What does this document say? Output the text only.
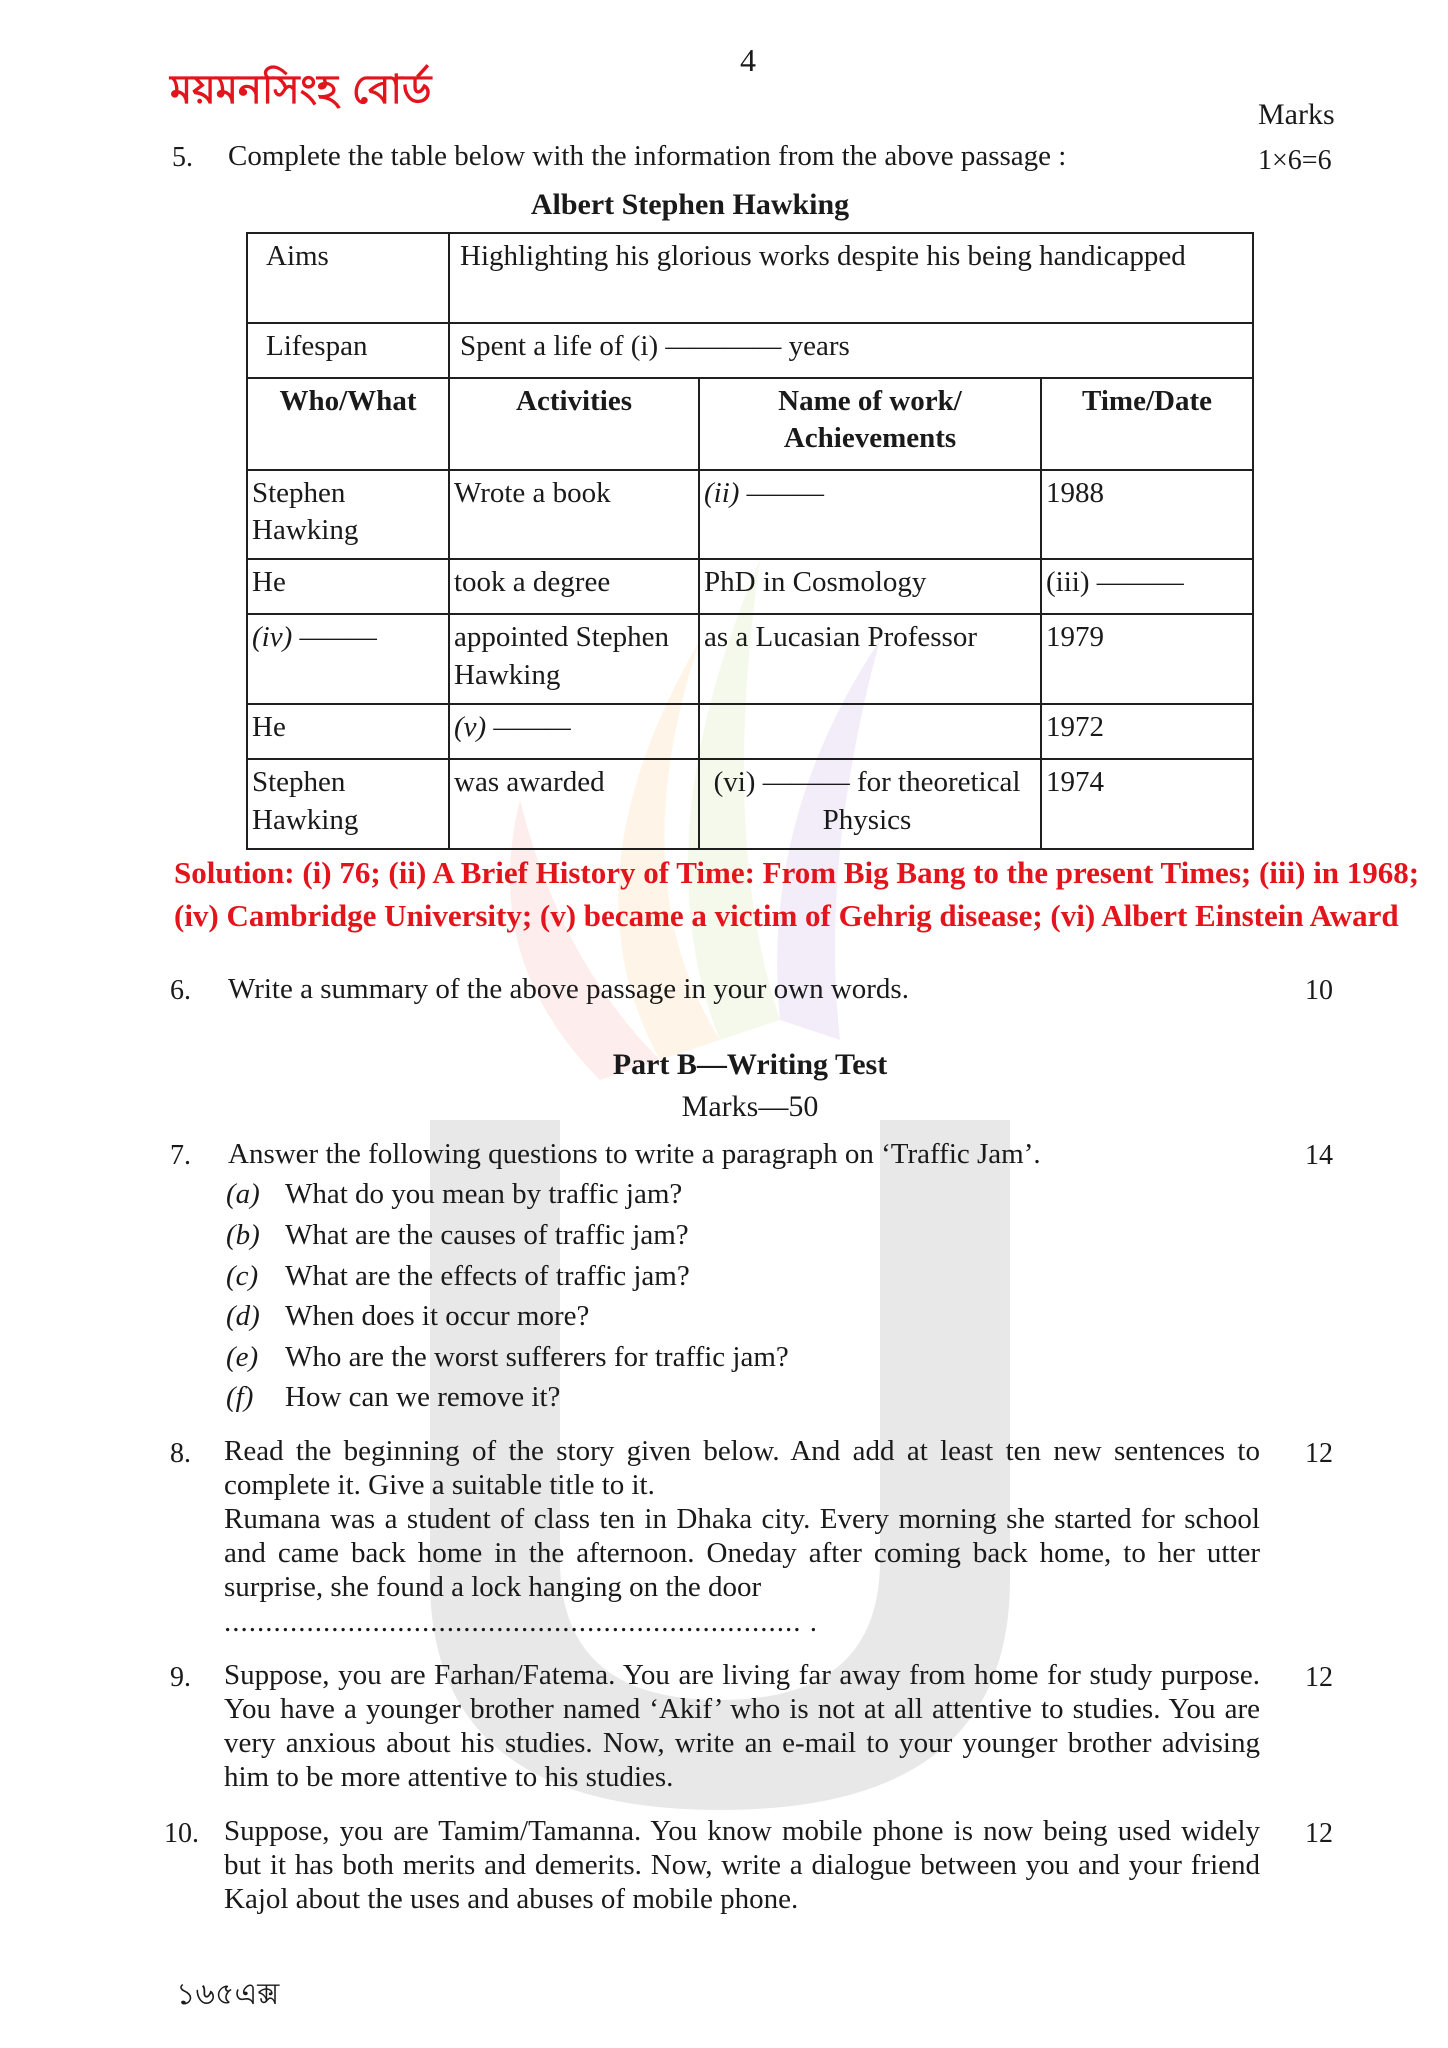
ময়মনসিংহ বোর্ড
4
Marks
5. Complete the table below with the information from the above passage :	1×6=6
Albert Stephen Hawking
Aims	Highlighting his glorious works despite his being handicapped		
Lifespan	Spent a life of (i) ———— years		
Who/What	Activities	Name of work/ Achievements	Time/Date
Stephen Hawking	Wrote a book	(ii) ———	1988
He	took a degree	PhD in Cosmology	(iii) ———
(iv) ———	appointed Stephen Hawking	as a Lucasian Professor	1979
He	(v) ———		1972
Stephen Hawking	was awarded	(vi) ——— for theoretical Physics	1974
Solution: (i) 76; (ii) A Brief History of Time: From Big Bang to the present Times; (iii) in 1968; (iv) Cambridge University; (v) became a victim of Gehrig disease; (vi) Albert Einstein Award
6. Write a summary of the above passage in your own words.	10
Part B—Writing Test
Marks—50
7. Answer the following questions to write a paragraph on ‘Traffic Jam’.	14
(a) What do you mean by traffic jam?
(b) What are the causes of traffic jam?
(c) What are the effects of traffic jam?
(d) When does it occur more?
(e) Who are the worst sufferers for traffic jam?
(f) How can we remove it?
8. Read the beginning of the story given below. And add at least ten new sentences to complete it. Give a suitable title to it.
Rumana was a student of class ten in Dhaka city. Every morning she started for school and came back home in the afternoon. Oneday after coming back home, to her utter surprise, she found a lock hanging on the door
...................................................................... .
12
9. Suppose, you are Farhan/Fatema. You are living far away from home for study purpose. You have a younger brother named ‘Akif’ who is not at all attentive to studies. You are very anxious about his studies. Now, write an e-mail to your younger brother advising him to be more attentive to his studies.
12
10. Suppose, you are Tamim/Tamanna. You know mobile phone is now being used widely but it has both merits and demerits. Now, write a dialogue between you and your friend Kajol about the uses and abuses of mobile phone.
12
১৬৫এক্স
